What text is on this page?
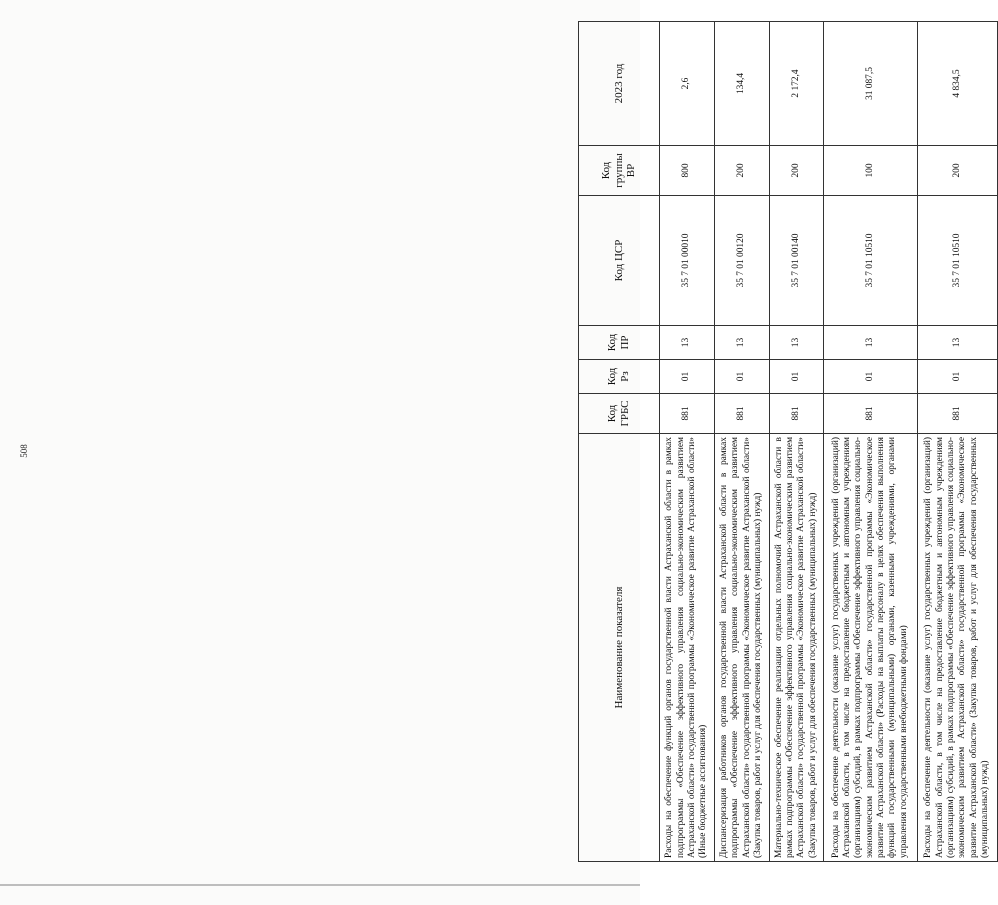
508
Наименование показателя	Код ГРБС	Код Рз	Код ПР	Код ЦСР	Код группы ВР	2023 год
Расходы на обеспечение функций органов государственной власти Астраханской области в рамках подпрограммы «Обеспечение эффективного управления социально-экономическим развитием Астраханской области» государственной программы «Экономическое развитие Астраханской области» (Иные бюджетные ассигнования)	881	01	13	35 7 01 00010	800	2,6
Диспансеризация работников органов государственной власти Астраханской области в рамках подпрограммы «Обеспечение эффективного управления социально-экономическим развитием Астраханской области» государственной программы «Экономическое развитие Астраханской области» (Закупка товаров, работ и услуг для обеспечения государственных (муниципальных) нужд)	881	01	13	35 7 01 00120	200	134,4
Материально-техническое обеспечение реализации отдельных полномочий Астраханской области в рамках подпрограммы «Обеспечение эффективного управления социально-экономическим развитием Астраханской области» государственной программы «Экономическое развитие Астраханской области» (Закупка товаров, работ и услуг для обеспечения государственных (муниципальных) нужд)	881	01	13	35 7 01 00140	200	2 172,4
Расходы на обеспечение деятельности (оказание услуг) государственных учреждений (организаций) Астраханской области, в том числе на предоставление бюджетным и автономным учреждениям (организациям) субсидий, в рамках подпрограммы «Обеспечение эффективного управления социально-экономическим развитием Астраханской области» государственной программы «Экономическое развитие Астраханской области» (Расходы на выплаты персоналу в целях обеспечения выполнения функций государственными (муниципальными) органами, казенными учреждениями, органами управления государственными внебюджетными фондами)	881	01	13	35 7 01 10510	100	31 087,5
Расходы на обеспечение деятельности (оказание услуг) государственных учреждений (организаций) Астраханской области, в том числе на предоставление бюджетным и автономным учреждениям (организациям) субсидий, в рамках подпрограммы «Обеспечение эффективного управления социально-экономическим развитием Астраханской области» государственной программы «Экономическое развитие Астраханской области» (Закупка товаров, работ и услуг для обеспечения государственных (муниципальных) нужд)	881	01	13	35 7 01 10510	200	4 834,5
